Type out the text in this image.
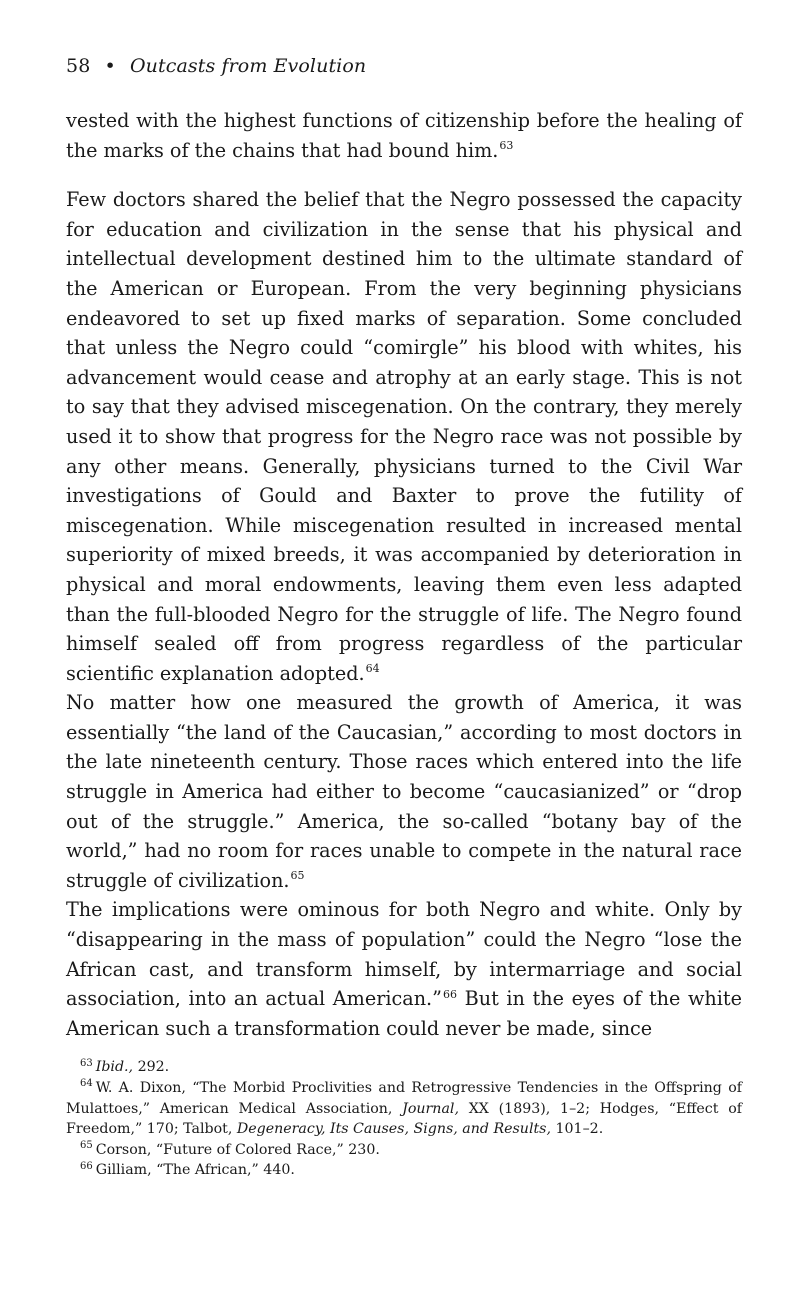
58 • Outcasts from Evolution

vested with the highest functions of citizenship before the healing of the marks of the chains that had bound him.$^{63}$

Few doctors shared the belief that the Negro possessed the capacity for education and civilization in the sense that his physical and intellectual development destined him to the ultimate standard of the American or European. From the very beginning physicians endeavored to set up fixed marks of separation. Some concluded that unless the Negro could “comirgle” his blood with whites, his advancement would cease and atrophy at an early stage. This is not to say that they advised miscegenation. On the contrary, they merely used it to show that progress for the Negro race was not possible by any other means. Generally, physicians turned to the Civil War investigations of Gould and Baxter to prove the futility of miscegenation. While miscegenation resulted in increased mental superiority of mixed breeds, it was accompanied by deterioration in physical and moral endowments, leaving them even less adapted than the full-blooded Negro for the struggle of life. The Negro found himself sealed off from progress regardless of the particular scientific explanation adopted.$^{64}$

No matter how one measured the growth of America, it was essentially “the land of the Caucasian,” according to most doctors in the late nineteenth century. Those races which entered into the life struggle in America had either to become “caucasianized” or “drop out of the struggle.” America, the so-called “botany bay of the world,” had no room for races unable to compete in the natural race struggle of civilization.$^{65}$

The implications were ominous for both Negro and white. Only by “disappearing in the mass of population” could the Negro “lose the African cast, and transform himself, by intermarriage and social association, into an actual American.”$^{66}$ But in the eyes of the white American such a transformation could never be made, since

$^{63}$ Ibid., 292.

$^{64}$ W. A. Dixon, “The Morbid Proclivities and Retrogressive Tendencies in the Offspring of Mulattoes,” American Medical Association, Journal, XX (1893), 1–2; Hodges, “Effect of Freedom,” 170; Talbot, Degeneracy, Its Causes, Signs, and Results, 101–2.

$^{65}$ Corson, “Future of Colored Race,” 230.

$^{66}$ Gilliam, “The African,” 440.
